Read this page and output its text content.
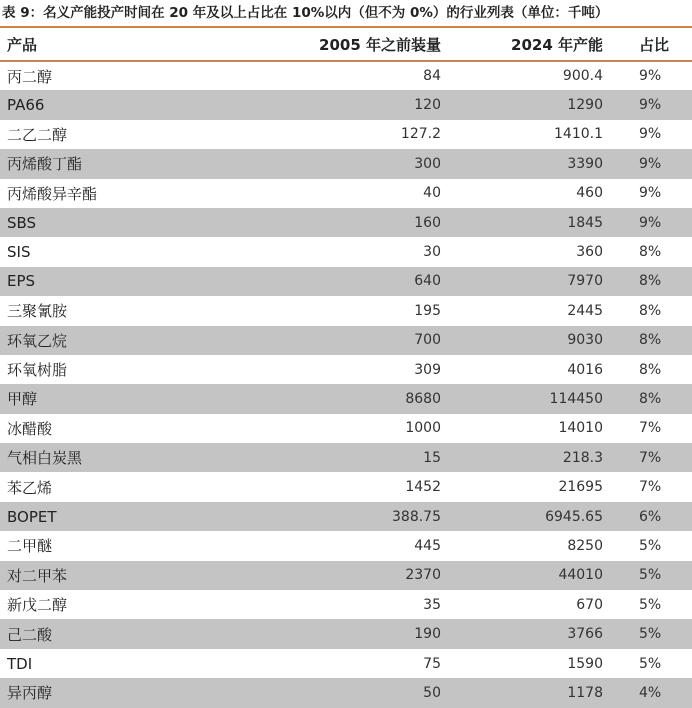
表 9：名义产能投产时间在 20 年及以上占比在 10%以内（但不为 0%）的行业列表（单位：千吨）
产品	2005 年之前装量	2024 年产能	占比
丙二醇	84	900.4	9%
PA66	120	1290	9%
二乙二醇	127.2	1410.1	9%
丙烯酸丁酯	300	3390	9%
丙烯酸异辛酯	40	460	9%
SBS	160	1845	9%
SIS	30	360	8%
EPS	640	7970	8%
三聚氰胺	195	2445	8%
环氧乙烷	700	9030	8%
环氧树脂	309	4016	8%
甲醇	8680	114450	8%
冰醋酸	1000	14010	7%
气相白炭黑	15	218.3	7%
苯乙烯	1452	21695	7%
BOPET	388.75	6945.65	6%
二甲醚	445	8250	5%
对二甲苯	2370	44010	5%
新戊二醇	35	670	5%
己二酸	190	3766	5%
TDI	75	1590	5%
异丙醇	50	1178	4%
